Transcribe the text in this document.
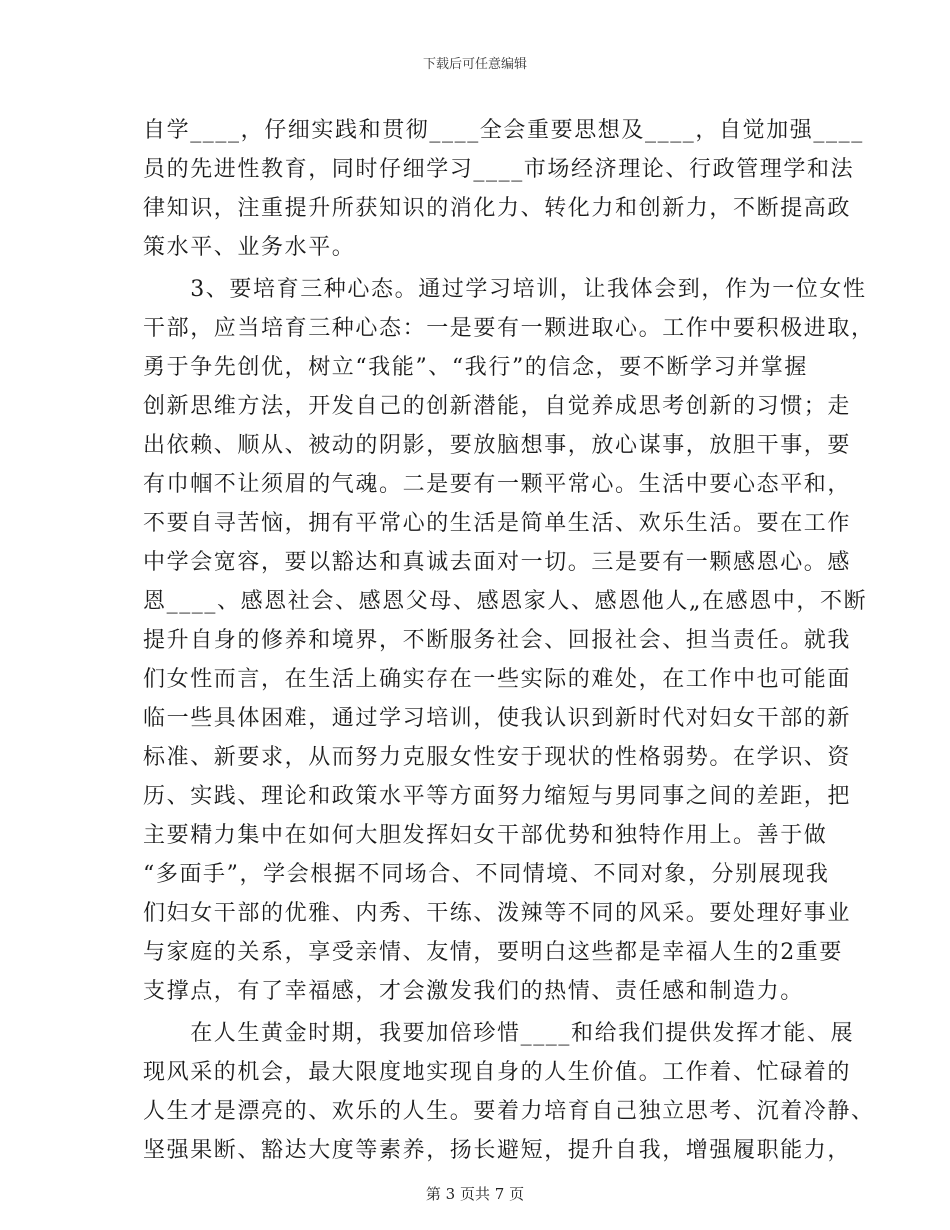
下载后可任意编辑
自学____，仔细实践和贯彻____全会重要思想及____，自觉加强____
员的先进性教育，同时仔细学习____市场经济理论、行政管理学和法
律知识，注重提升所获知识的消化力、转化力和创新力，不断提高政
策水平、业务水平。
　　3、要培育三种心态。通过学习培训，让我体会到，作为一位女性
干部，应当培育三种心态：一是要有一颗进取心。工作中要积极进取，
勇于争先创优，树立“我能”、“我行”的信念，要不断学习并掌握
创新思维方法，开发自己的创新潜能，自觉养成思考创新的习惯；走
出依赖、顺从、被动的阴影，要放脑想事，放心谋事，放胆干事，要
有巾帼不让须眉的气魂。二是要有一颗平常心。生活中要心态平和，
不要自寻苦恼，拥有平常心的生活是简单生活、欢乐生活。要在工作
中学会宽容，要以豁达和真诚去面对一切。三是要有一颗感恩心。感
恩____、感恩社会、感恩父母、感恩家人、感恩他人„在感恩中，不断
提升自身的修养和境界，不断服务社会、回报社会、担当责任。就我
们女性而言，在生活上确实存在一些实际的难处，在工作中也可能面
临一些具体困难，通过学习培训，使我认识到新时代对妇女干部的新
标准、新要求，从而努力克服女性安于现状的性格弱势。在学识、资
历、实践、理论和政策水平等方面努力缩短与男同事之间的差距，把
主要精力集中在如何大胆发挥妇女干部优势和独特作用上。善于做
“多面手”，学会根据不同场合、不同情境、不同对象，分别展现我
们妇女干部的优雅、内秀、干练、泼辣等不同的风采。要处理好事业
与家庭的关系，享受亲情、友情，要明白这些都是幸福人生的2重要
支撑点，有了幸福感，才会激发我们的热情、责任感和制造力。
　　在人生黄金时期，我要加倍珍惜____和给我们提供发挥才能、展
现风采的机会，最大限度地实现自身的人生价值。工作着、忙碌着的
人生才是漂亮的、欢乐的人生。要着力培育自己独立思考、沉着冷静、
坚强果断、豁达大度等素养，扬长避短，提升自我，增强履职能力，
第 3 页共 7 页
